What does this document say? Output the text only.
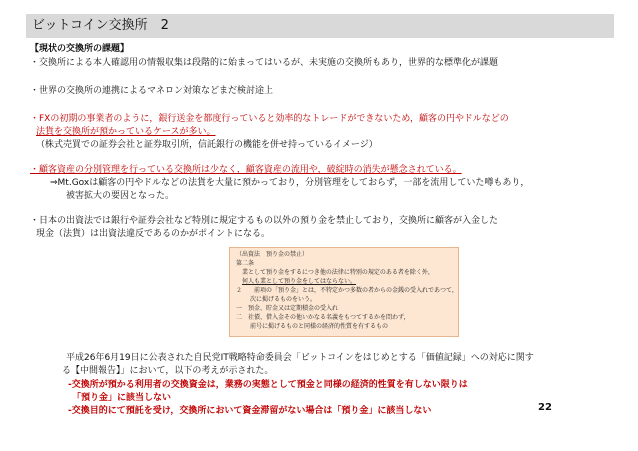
ビットコイン交換所　2
【現状の交換所の課題】
・交換所による本人確認用の情報収集は段階的に始まってはいるが、未実施の交換所もあり，世界的な標準化が課題
・世界の交換所の連携によるマネロン対策などまだ検討途上
・FXの初期の事業者のように，銀行送金を都度行っていると効率的なトレードができないため，顧客の円やドルなどの
法貨を交換所が預かっているケースが多い。
（株式売買での証券会社と証券取引所，信託銀行の機能を併せ持っているイメージ）
・顧客資産の分別管理を行っている交換所は少なく，顧客資産の流用や，破綻時の消失が懸念されている。
⇒Mt.Goxは顧客の円やドルなどの法貨を大量に預かっており，分別管理をしておらず，一部を流用していた噂もあり，
被害拡大の要因となった。
・日本の出資法では銀行や証券会社など特別に規定するもの以外の預り金を禁止しており，交換所に顧客が入金した
現金（法貨）は出資法違反であるのかがポイントになる。
（出資法　預り金の禁止）
第二条
業として預り金をするにつき他の法律に特別の規定のある者を除く外，
何人も業として預り金をしてはならない。
２　　前項の「預り金」とは，不特定かつ多数の者からの金銭の受入れであつて，
次に掲げるものをいう。
一　預金、貯金又は定期積金の受入れ
二　社債、借入金その他いかなる名義をもつてするかを問わず，
前号に掲げるものと同様の経済的性質を有するもの
平成26年6月19日に公表された自民党IT戦略特命委員会「ビットコインをはじめとする「価値記録」への対応に関す
る【中間報告】」において，以下の考えが示された。
-交換所が預かる利用者の交換資金は，業務の実態として預金と同様の経済的性質を有しない限りは
「預り金」に該当しない
-交換目的にて預託を受け，交換所において資金滞留がない場合は「預り金」に該当しない	22
